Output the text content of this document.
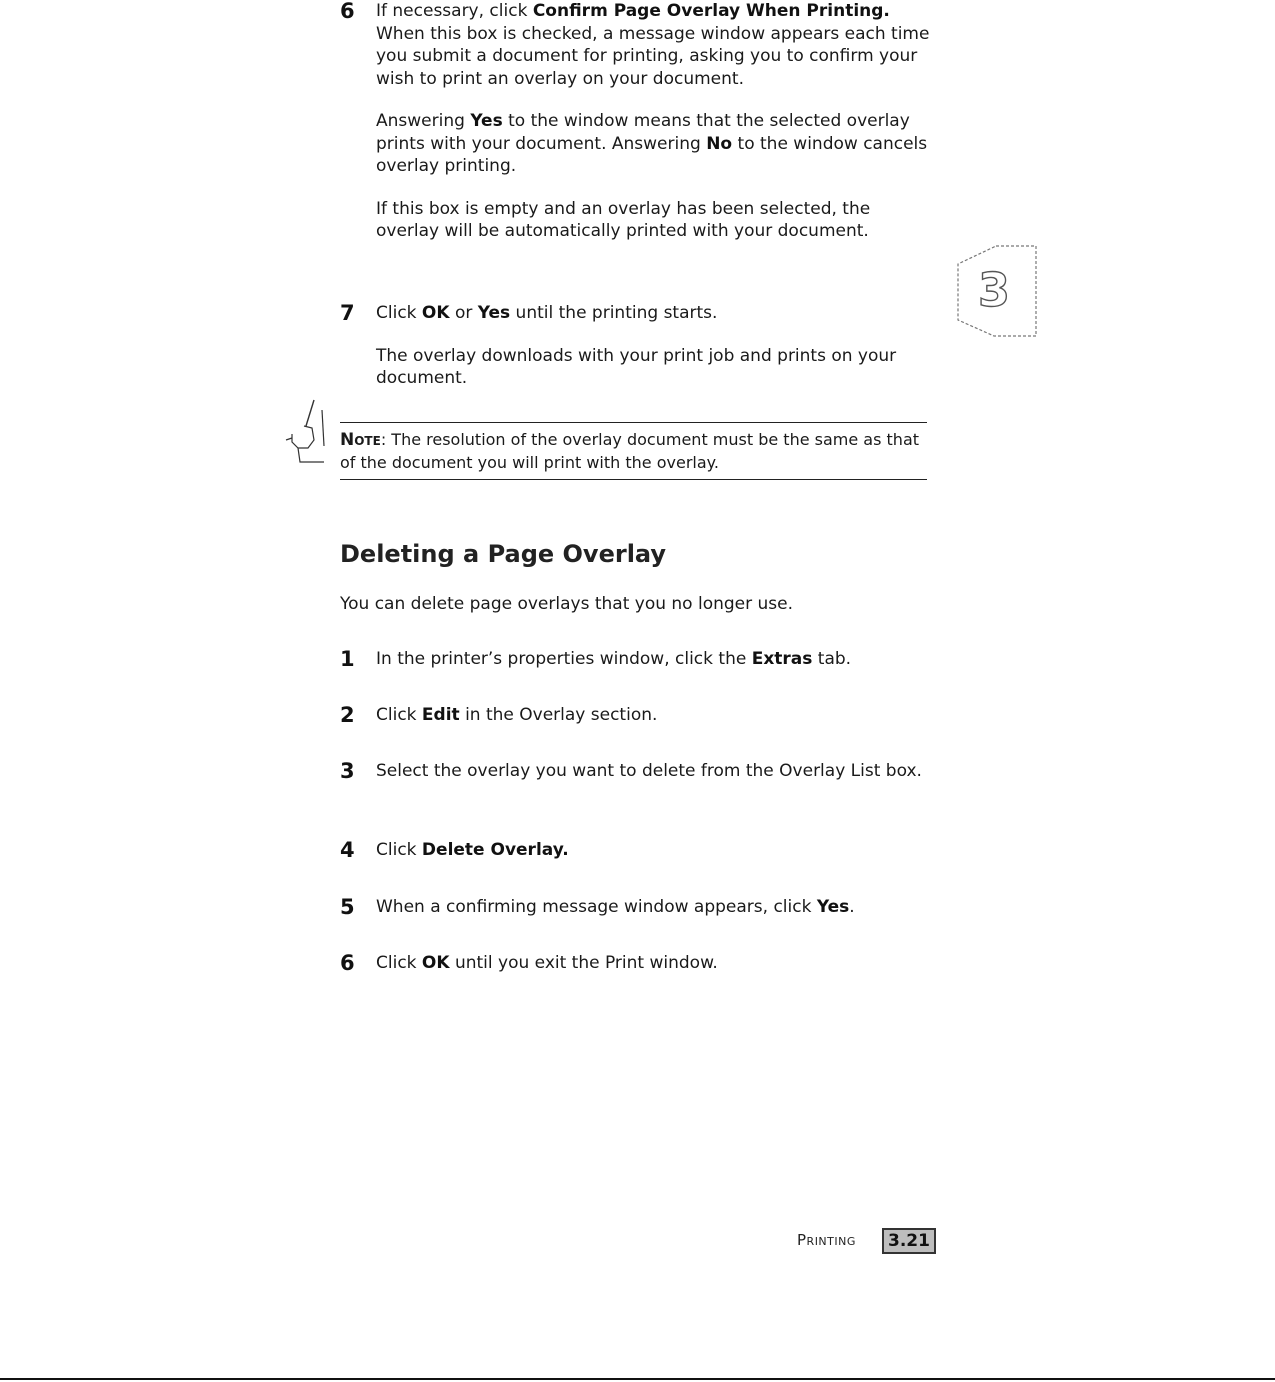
6	If necessary, click Confirm Page Overlay When Printing. When this box is checked, a message window appears each time you submit a document for printing, asking you to confirm your wish to print an overlay on your document.

Answering Yes to the window means that the selected overlay prints with your document. Answering No to the window cancels overlay printing.

If this box is empty and an overlay has been selected, the overlay will be automatically printed with your document.

7	Click OK or Yes until the printing starts.

The overlay downloads with your print job and prints on your document.

Note: The resolution of the overlay document must be the same as that of the document you will print with the overlay.

3
Deleting a Page Overlay

You can delete page overlays that you no longer use.

1	In the printer’s properties window, click the Extras tab.

2	Click Edit in the Overlay section.

3	Select the overlay you want to delete from the Overlay List box.

4	Click Delete Overlay.

5	When a confirming message window appears, click Yes.

6	Click OK until you exit the Print window.

Printing	3.21
